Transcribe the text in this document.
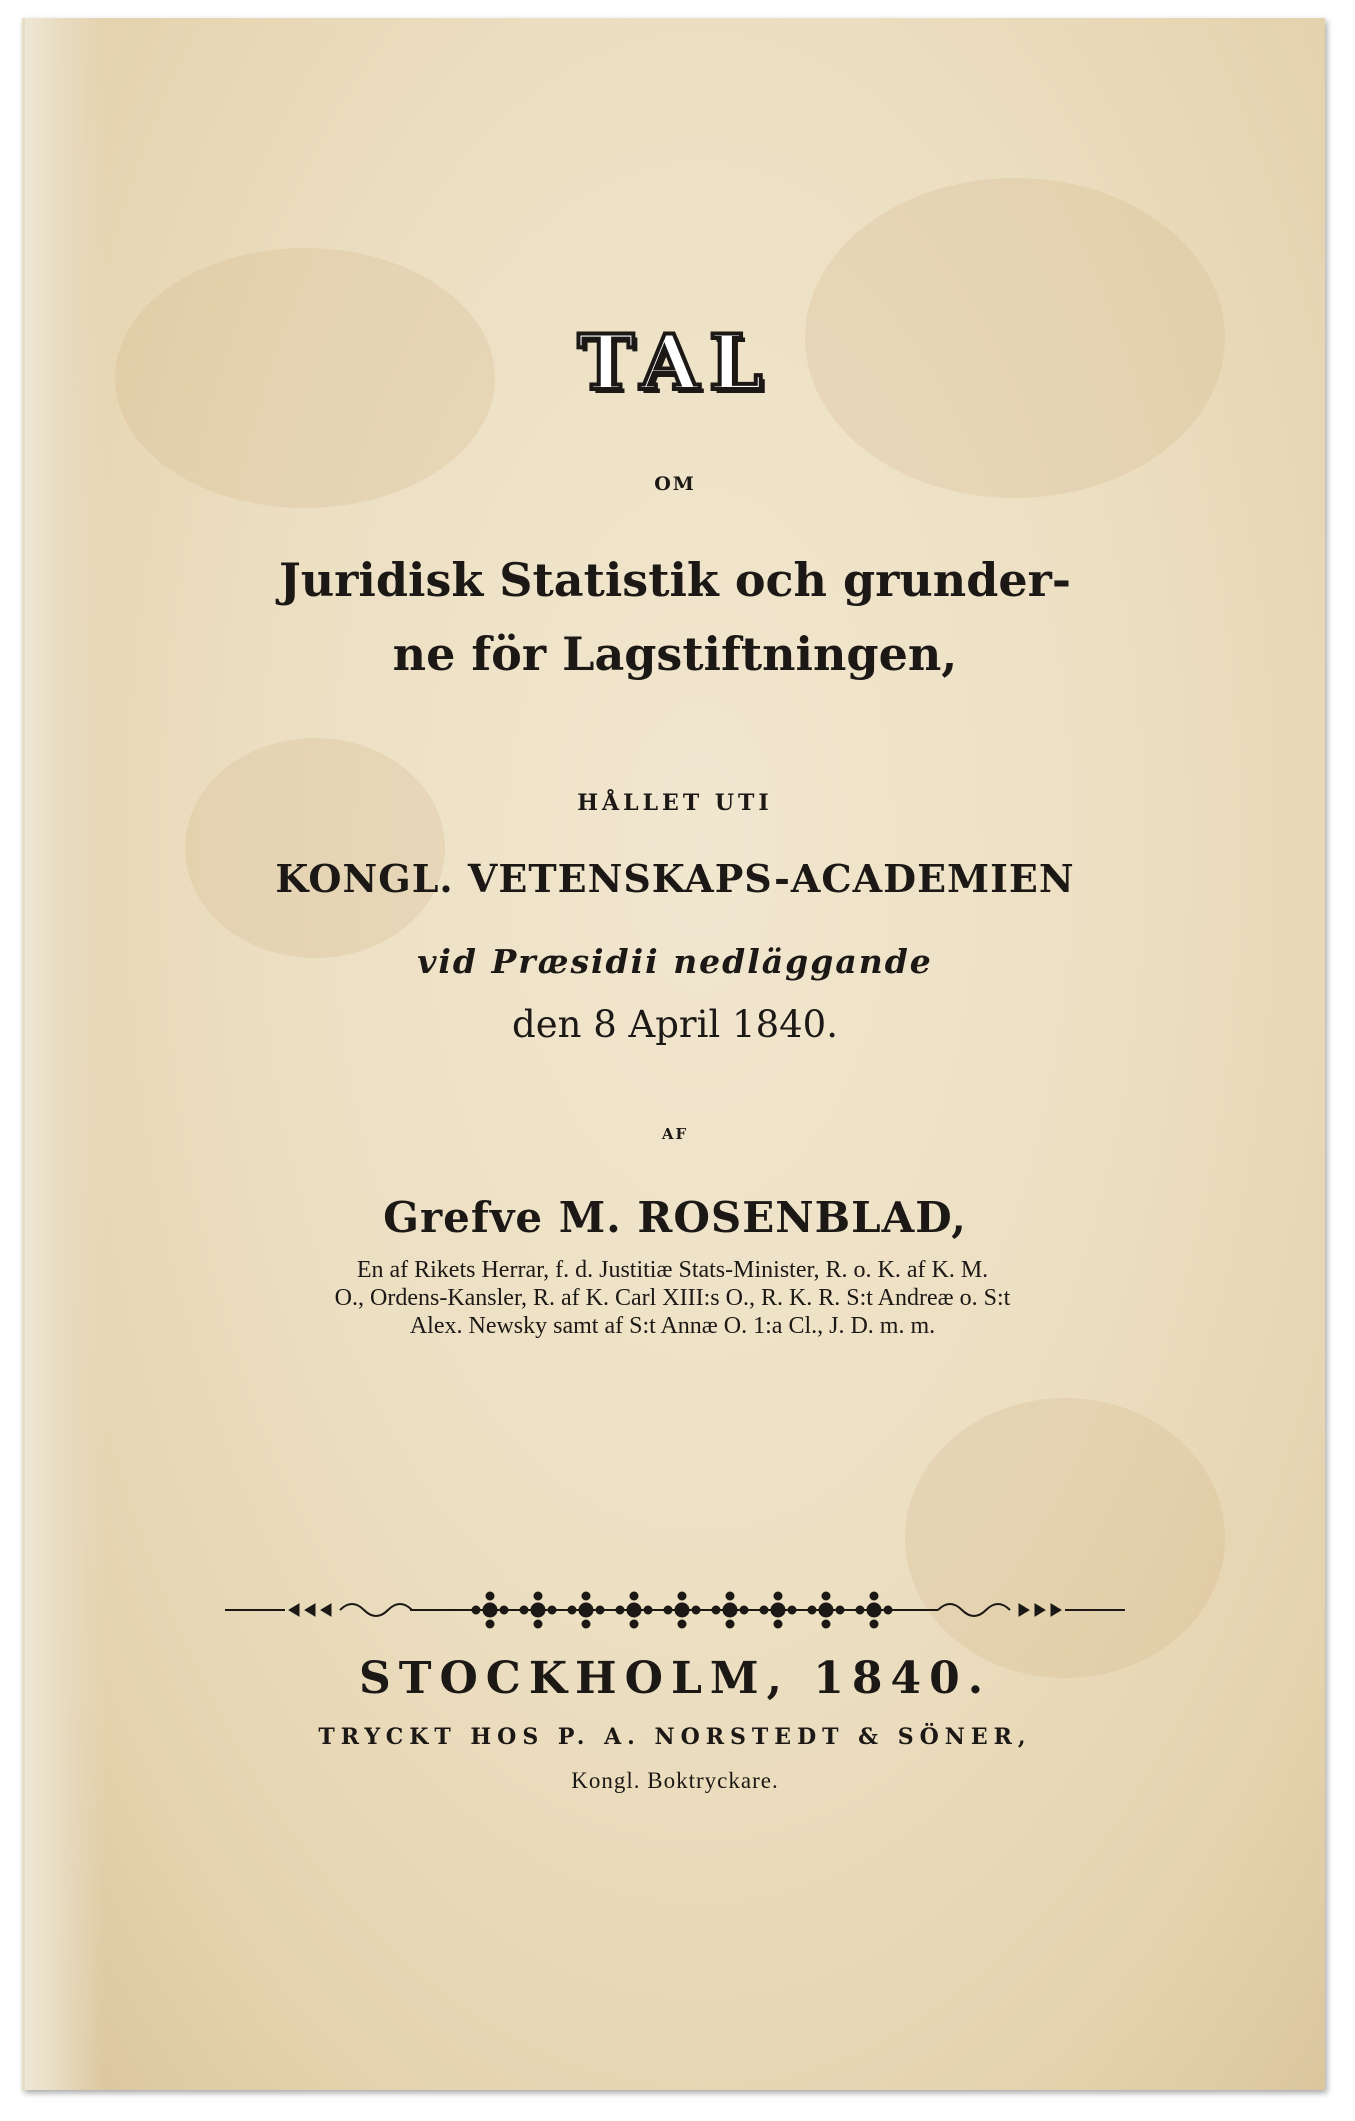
TAL
OM
Juridisk Statistik och grunder-
ne för Lagstiftningen,
HÅLLET UTI
KONGL. VETENSKAPS-ACADEMIEN
vid Præsidii nedläggande
den 8 April 1840.
AF
Grefve M. ROSENBLAD,
En af Rikets Herrar, f. d. Justitiæ Stats-Minister, R. o. K. af K. M.
O., Ordens-Kansler, R. af K. Carl XIII:s O., R. K. R. S:t Andreæ o. S:t
Alex. Newsky samt af S:t Annæ O. 1:a Cl., J. D. m. m.
STOCKHOLM, 1840.
TRYCKT HOS P. A. NORSTEDT & SÖNER,
Kongl. Boktryckare.
